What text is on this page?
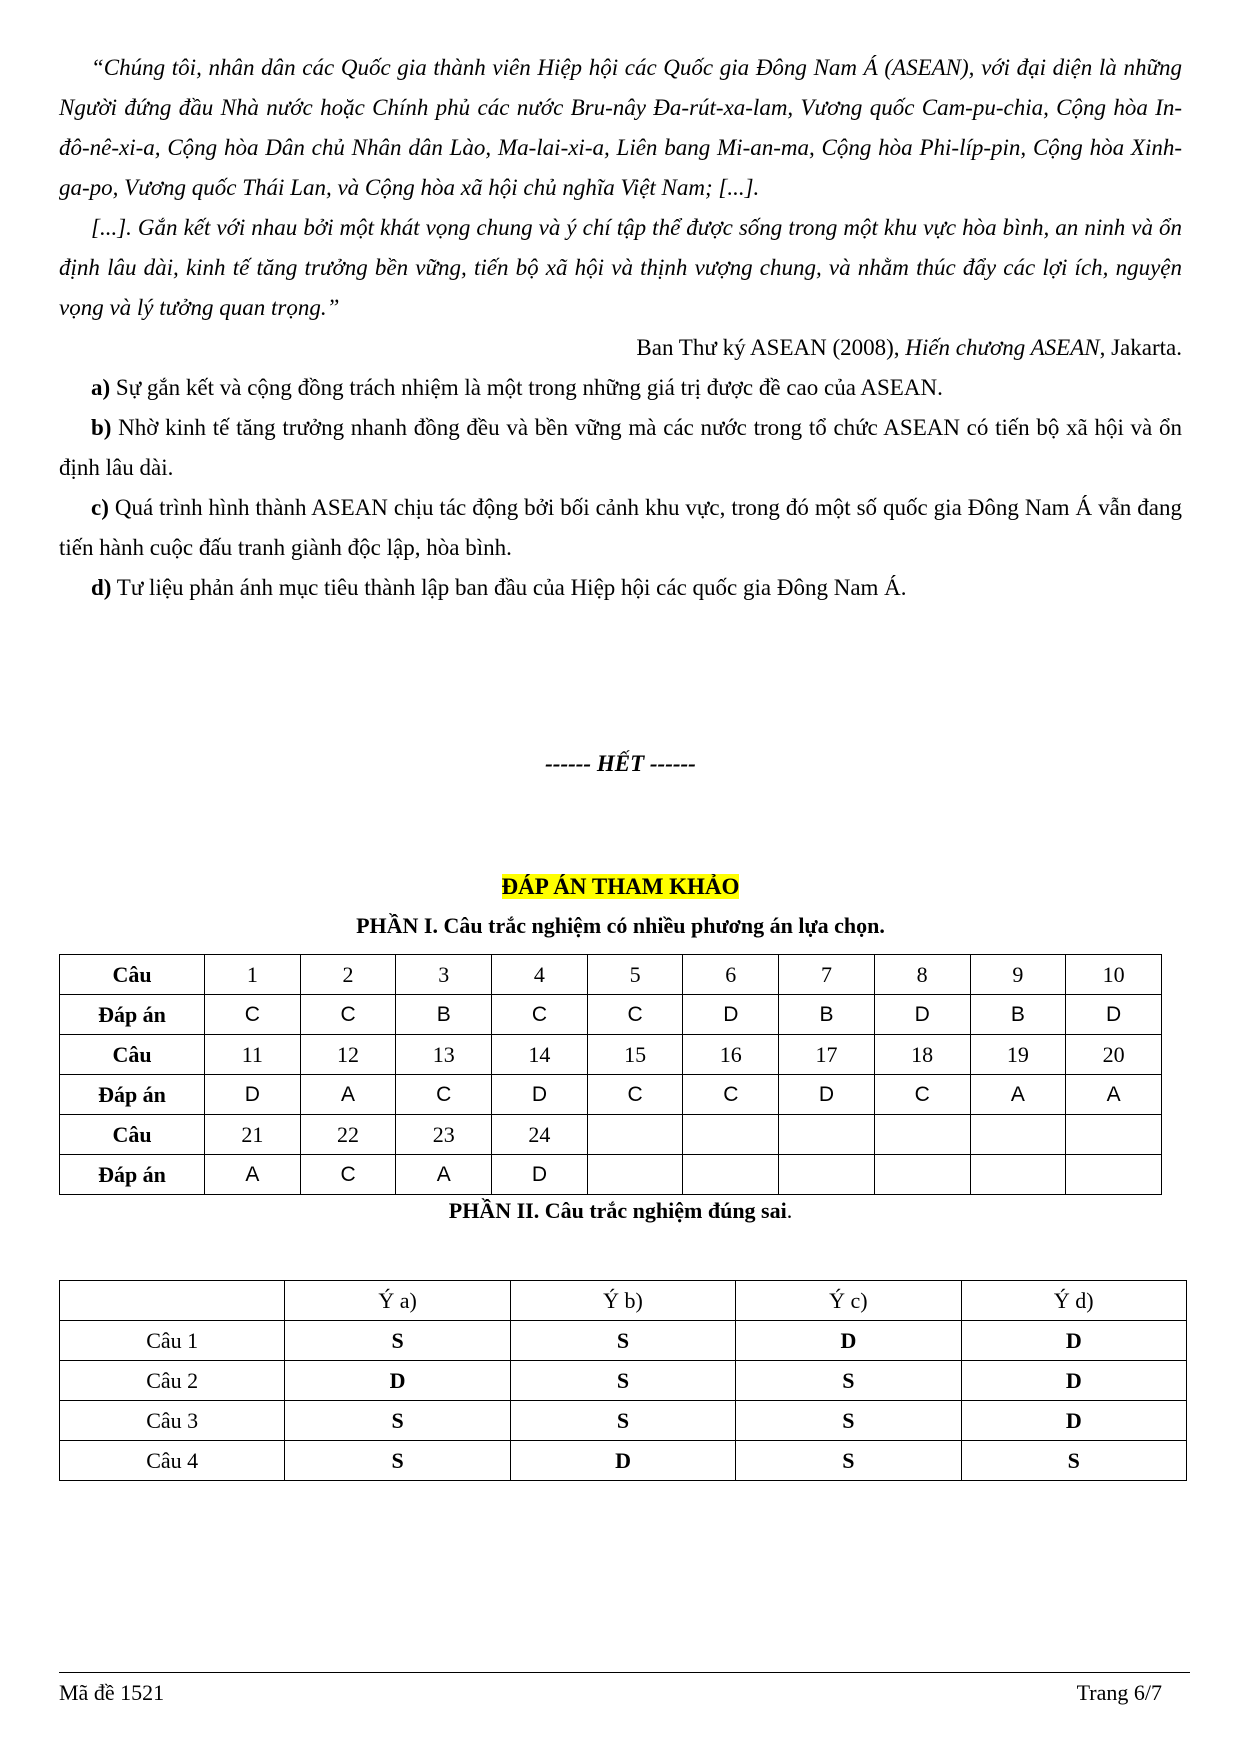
“Chúng tôi, nhân dân các Quốc gia thành viên Hiệp hội các Quốc gia Đông Nam Á (ASEAN), với đại diện là những Người đứng đầu Nhà nước hoặc Chính phủ các nước Bru-nây Đa-rút-xa-lam, Vương quốc Cam-pu-chia, Cộng hòa In-đô-nê-xi-a, Cộng hòa Dân chủ Nhân dân Lào, Ma-lai-xi-a, Liên bang Mi-an-ma, Cộng hòa Phi-líp-pin, Cộng hòa Xinh-ga-po, Vương quốc Thái Lan, và Cộng hòa xã hội chủ nghĩa Việt Nam; [...].

[...]. Gắn kết với nhau bởi một khát vọng chung và ý chí tập thể được sống trong một khu vực hòa bình, an ninh và ổn định lâu dài, kinh tế tăng trưởng bền vững, tiến bộ xã hội và thịnh vượng chung, và nhằm thúc đẩy các lợi ích, nguyện vọng và lý tưởng quan trọng.”

Ban Thư ký ASEAN (2008), Hiến chương ASEAN, Jakarta.

a) Sự gắn kết và cộng đồng trách nhiệm là một trong những giá trị được đề cao của ASEAN.

b) Nhờ kinh tế tăng trưởng nhanh đồng đều và bền vững mà các nước trong tổ chức ASEAN có tiến bộ xã hội và ổn định lâu dài.

c) Quá trình hình thành ASEAN chịu tác động bởi bối cảnh khu vực, trong đó một số quốc gia Đông Nam Á vẫn đang tiến hành cuộc đấu tranh giành độc lập, hòa bình.

d) Tư liệu phản ánh mục tiêu thành lập ban đầu của Hiệp hội các quốc gia Đông Nam Á.

------ HẾT ------
ĐÁP ÁN THAM KHẢO
PHẦN I. Câu trắc nghiệm có nhiều phương án lựa chọn.
Câu	1	2	3	4	5	6	7	8	9	10
Đáp án	C	C	B	C	C	D	B	D	B	D
Câu	11	12	13	14	15	16	17	18	19	20
Đáp án	D	A	C	D	C	C	D	C	A	A
Câu	21	22	23	24						
Đáp án	A	C	A	D						
PHẦN II. Câu trắc nghiệm đúng sai.
	Ý a)	Ý b)	Ý c)	Ý d)
Câu 1	S	S	D	D
Câu 2	D	S	S	D
Câu 3	S	S	S	D
Câu 4	S	D	S	S
Mã đề 1521	Trang 6/7
